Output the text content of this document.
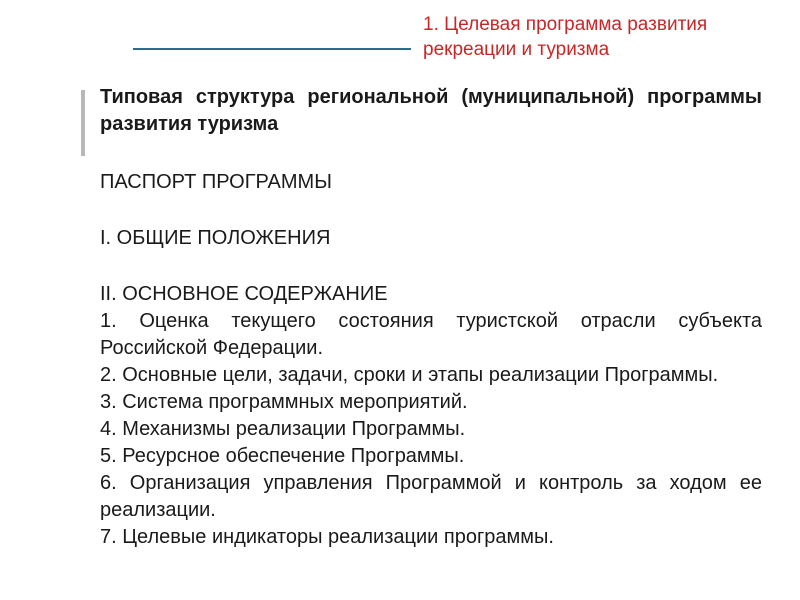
1. Целевая программа развития
рекреации и туризма

Типовая структура региональной (муниципальной) программы развития туризма

ПАСПОРТ ПРОГРАММЫ

I. ОБЩИЕ ПОЛОЖЕНИЯ

II. ОСНОВНОЕ СОДЕРЖАНИЕ

1. Оценка текущего состояния туристской отрасли субъекта Российской Федерации.
2. Основные цели, задачи, сроки и этапы реализации Программы.
3. Система программных мероприятий.
4. Механизмы реализации Программы.
5. Ресурсное обеспечение Программы.
6. Организация управления Программой и контроль за ходом ее реализации.
7. Целевые индикаторы реализации программы.
